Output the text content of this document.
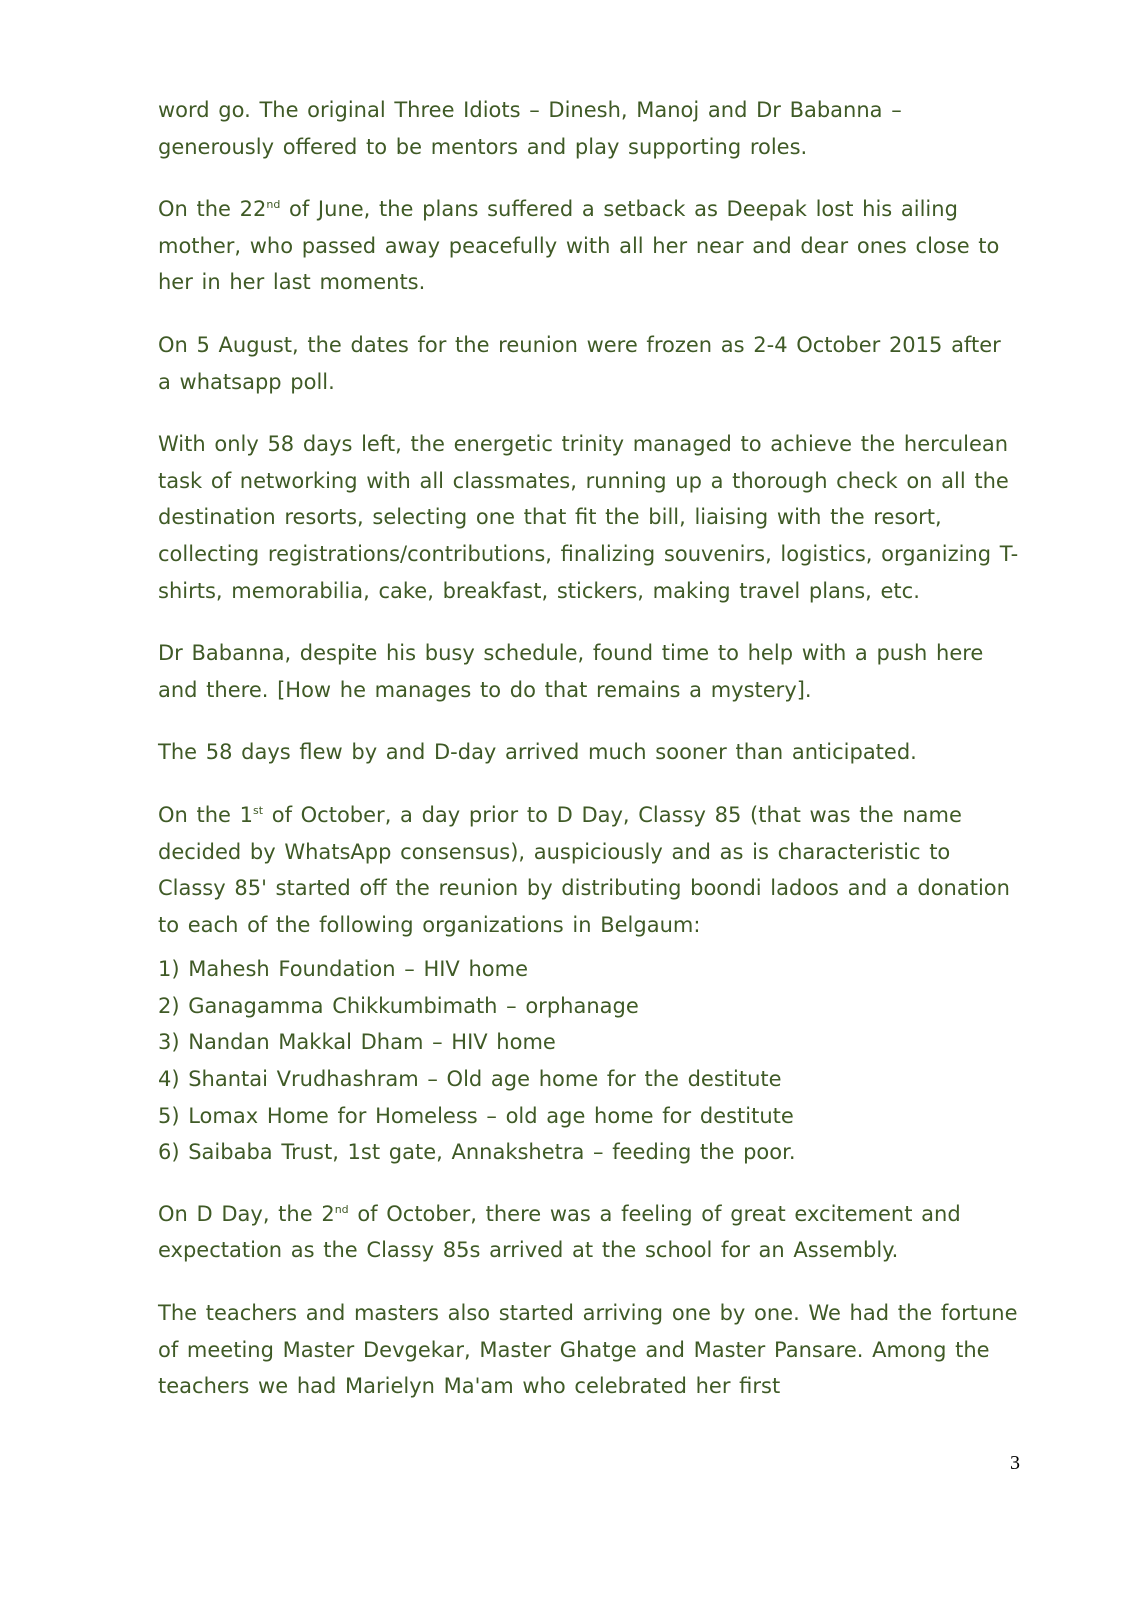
word go. The original Three Idiots – Dinesh, Manoj and Dr Babanna – generously offered to be mentors and play supporting roles.

On the 22nd of June, the plans suffered a setback as Deepak lost his ailing mother, who passed away peacefully with all her near and dear ones close to her in her last moments.

On 5 August, the dates for the reunion were frozen as 2-4 October 2015 after a whatsapp poll.

With only 58 days left, the energetic trinity managed to achieve the herculean task of networking with all classmates, running up a thorough check on all the destination resorts, selecting one that fit the bill, liaising with the resort, collecting registrations/contributions, finalizing souvenirs, logistics, organizing T-shirts, memorabilia, cake, breakfast, stickers, making travel plans, etc.

Dr Babanna, despite his busy schedule, found time to help with a push here and there. [How he manages to do that remains a mystery].

The 58 days flew by and D-day arrived much sooner than anticipated.

On the 1st of October, a day prior to D Day, Classy 85 (that was the name decided by WhatsApp consensus), auspiciously and as is characteristic to Classy 85' started off the reunion by distributing boondi ladoos and a donation to each of the following organizations in Belgaum:

1) Mahesh Foundation – HIV home
2) Ganagamma Chikkumbimath – orphanage
3) Nandan Makkal Dham – HIV home
4) Shantai Vrudhashram – Old age home for the destitute
5) Lomax Home for Homeless – old age home for destitute
6) Saibaba Trust, 1st gate, Annakshetra – feeding the poor.

On D Day, the 2nd of October, there was a feeling of great excitement and expectation as the Classy 85s arrived at the school for an Assembly.

The teachers and masters also started arriving one by one. We had the fortune of meeting Master Devgekar, Master Ghatge and Master Pansare. Among the teachers we had Marielyn Ma'am who celebrated her first

3
